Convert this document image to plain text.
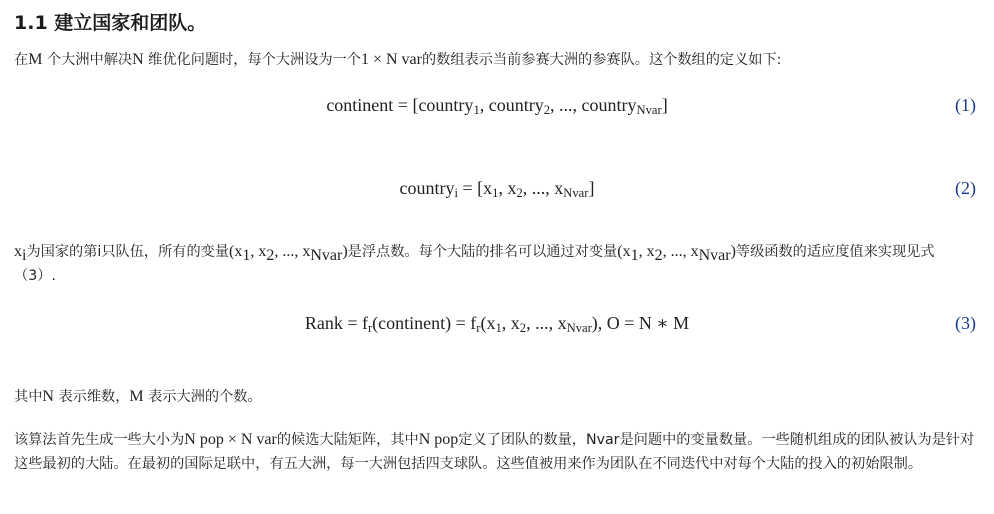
1.1 建立国家和团队。

在M 个大洲中解决N 维优化问题时，每个大洲设为一个1 × N var的数组表示当前参赛大洲的参赛队。这个数组的定义如下:

continent = [country$_1$, country$_2$, ..., country$_{Nvar}$]	(1)
country$_i$ = [$x_1$, $x_2$, ..., $x_{Nvar}$]	(2)

$x_i$为国家的第i只队伍，所有的变量($x_1$, $x_2$, ..., $x_{Nvar}$)是浮点数。每个大陆的排名可以通过对变量($x_1$, $x_2$, ..., $x_{Nvar}$)等级函数的适应度值来实现见式（3）.

Rank = $f_r(continent) = f_r(x_1$, $x_2$, ..., $x_{Nvar}$), O = N ∗ M	(3)

其中N 表示维数，M 表示大洲的个数。

该算法首先生成一些大小为N pop × N var的候选大陆矩阵，其中N pop定义了团队的数量，Nvar是问题中的变量数量。一些随机组成的团队被认为是针对这些最初的大陆。在最初的国际足联中，有五大洲，每一大洲包括四支球队。这些值被用来作为团队在不同迭代中对每个大陆的投入的初始限制。
